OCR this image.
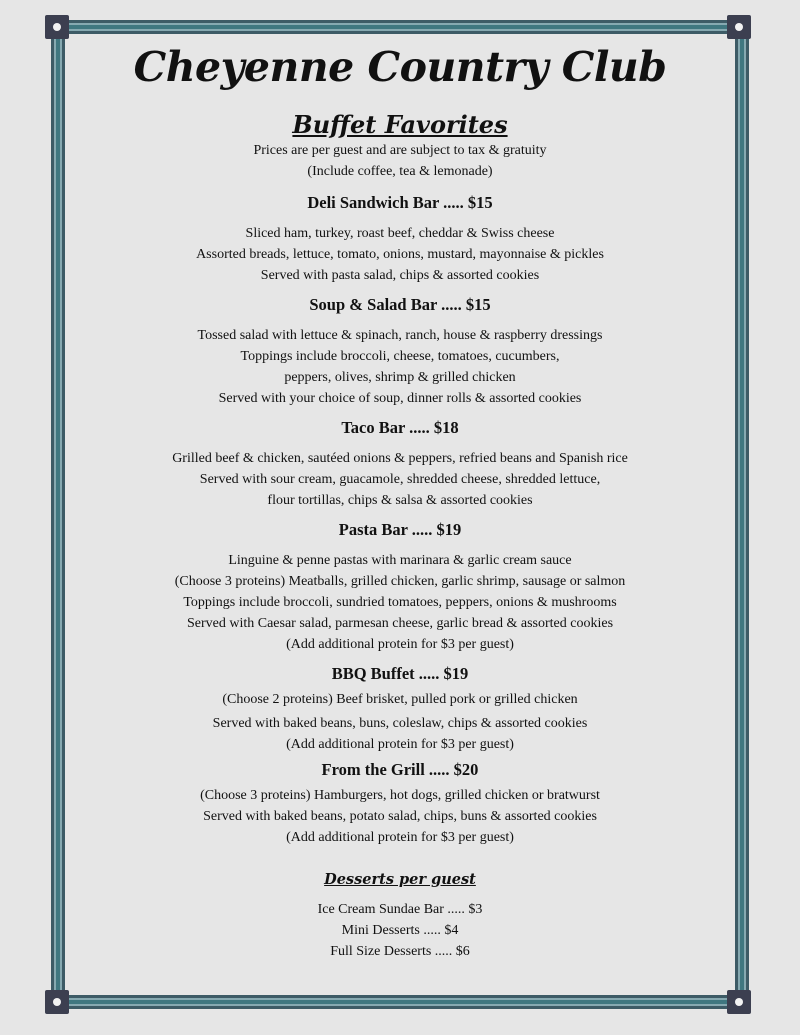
Cheyenne Country Club
Buffet Favorites

Prices are per guest and are subject to tax & gratuity

(Include coffee, tea & lemonade)

Deli Sandwich Bar ..... $15

Sliced ham, turkey, roast beef, cheddar & Swiss cheese

Assorted breads, lettuce, tomato, onions, mustard, mayonnaise & pickles

Served with pasta salad, chips & assorted cookies

Soup & Salad Bar ..... $15

Tossed salad with lettuce & spinach, ranch, house & raspberry dressings

Toppings include broccoli, cheese, tomatoes, cucumbers,

peppers, olives, shrimp & grilled chicken

Served with your choice of soup, dinner rolls & assorted cookies

Taco Bar ..... $18

Grilled beef & chicken, sautéed onions & peppers, refried beans and Spanish rice

Served with sour cream, guacamole, shredded cheese, shredded lettuce,

flour tortillas, chips & salsa & assorted cookies

Pasta Bar ..... $19

Linguine & penne pastas with marinara & garlic cream sauce

(Choose 3 proteins) Meatballs, grilled chicken, garlic shrimp, sausage or salmon

Toppings include broccoli, sundried tomatoes, peppers, onions & mushrooms

Served with Caesar salad, parmesan cheese, garlic bread & assorted cookies

(Add additional protein for $3 per guest)

BBQ Buffet ..... $19

(Choose 2 proteins) Beef brisket, pulled pork or grilled chicken

Served with baked beans, buns, coleslaw, chips & assorted cookies

(Add additional protein for $3 per guest)

From the Grill ..... $20

(Choose 3 proteins) Hamburgers, hot dogs, grilled chicken or bratwurst

Served with baked beans, potato salad, chips, buns & assorted cookies

(Add additional protein for $3 per guest)

Desserts per guest

Ice Cream Sundae Bar ..... $3

Mini Desserts ..... $4

Full Size Desserts ..... $6
